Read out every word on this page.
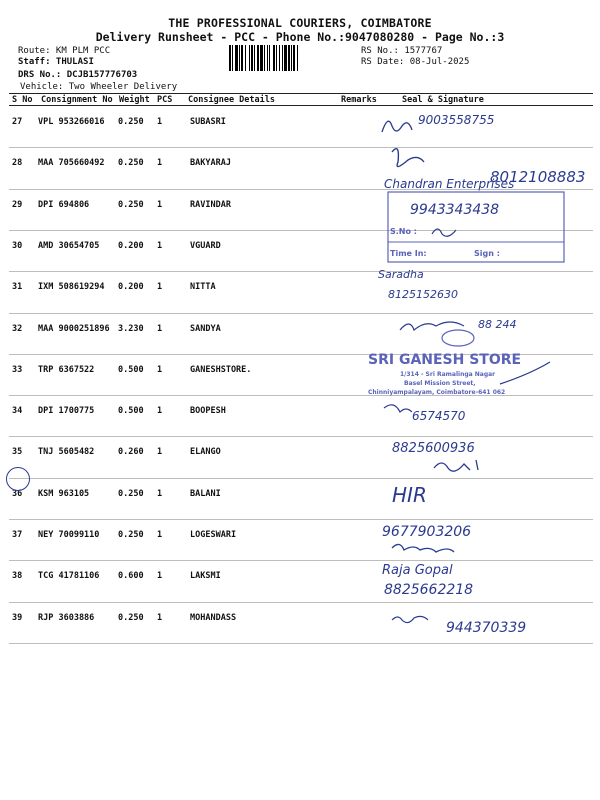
THE PROFESSIONAL COURIERS, COIMBATORE
Delivery Runsheet - PCC - Phone No.:9047080280 - Page No.:3
Route: KM PLM PCC
Staff: THULASI
DRS No.: DCJB157776703
Vehicle: Two Wheeler Delivery
RS No.: 1577767
RS Date: 08-Jul-2025
S No Consignment No Weight PCS Consignee Details	Remarks	Seal & Signature
27 VPL 953266016 0.250 1	SUBASRI
28 MAA 705660492 0.250 1	BAKYARAJ
29 DPI 694806	0.250 1	RAVINDAR
30 AMD 30654705 0.200 1	VGUARD
31 IXM 508619294 0.200 1	NITTA
32 MAA 9000251896 3.230 1	SANDYA
33 TRP 6367522	0.500 1	GANESHSTORE.
34 DPI 1700775	0.500 1	BOOPESH
35 TNJ 5605482	0.260 1	ELANGO
36 KSM 963105	0.250 1	BALANI
37 NEY 70099110 0.250 1	LOGESWARI
38 TCG 41781106 0.600 1	LAKSMI
39 RJP 3603886	0.250 1	MOHANDASS
9003558755
8012108883
Chandran Enterprises
9943343438
S.No :
Time In:	Sign :
Saradha
8125152630
88 244
SRI GANESH STORE
1/314 - Sri Ramalinga Nagar
Basel Mission Street,
Chinniyampalayam, Coimbatore-641 062
6574570
8825600936
HIR
9677903206
Raja Gopal
8825662218
944370339
